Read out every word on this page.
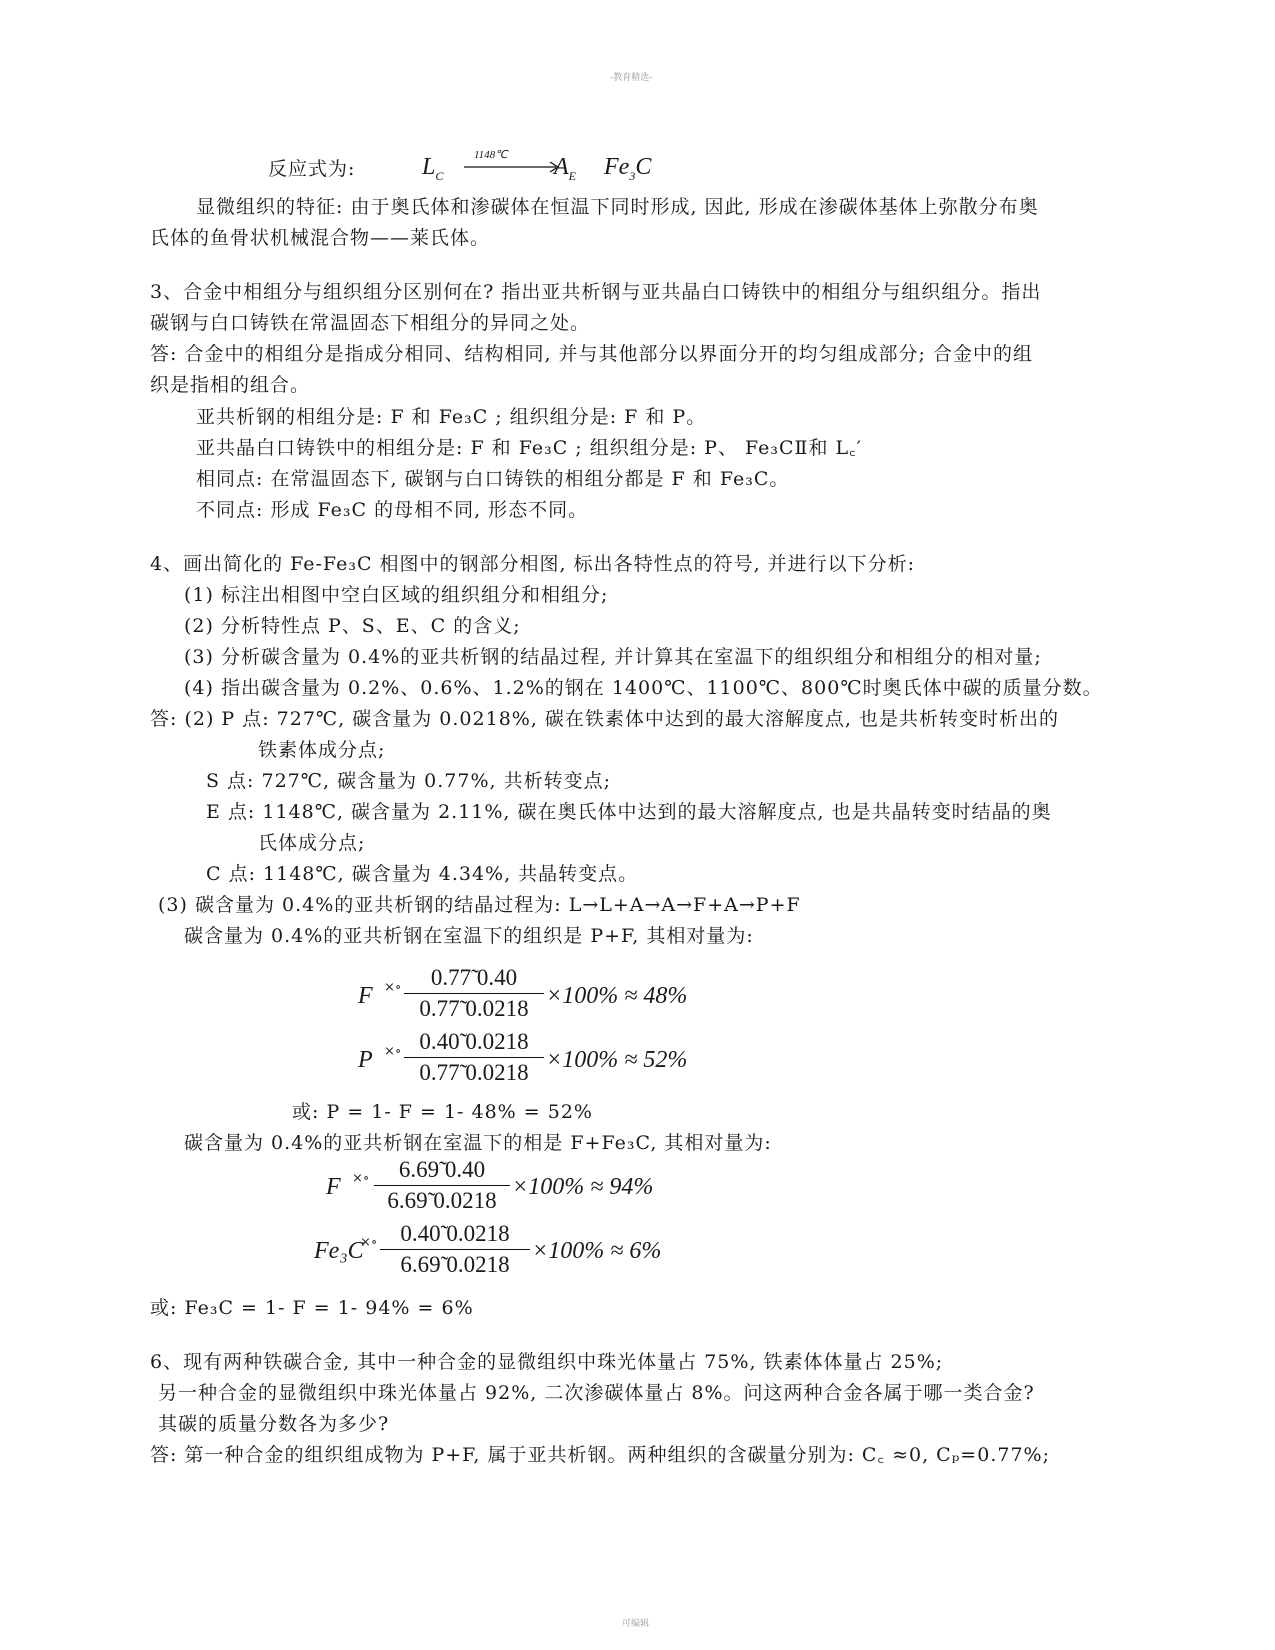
-教育精选-
可编辑
反应式为:	$L_C$
1148℃ $A_E$ $Fe_3C$
显微组织的特征: 由于奥氏体和渗碳体在恒温下同时形成, 因此, 形成在渗碳体基体上弥散分布奥
氏体的鱼骨状机械混合物——莱氏体。
3、合金中相组分与组织组分区别何在? 指出亚共析钢与亚共晶白口铸铁中的相组分与组织组分。指出
碳钢与白口铸铁在常温固态下相组分的异同之处。
答: 合金中的相组分是指成分相同、结构相同, 并与其他部分以界面分开的均匀组成部分; 合金中的组
织是指相的组合。
亚共析钢的相组分是: F 和 Fe₃C ; 组织组分是: F 和 P。
亚共晶白口铸铁中的相组分是: F 和 Fe₃C ; 组织组分是: P、 Fe₃CⅡ和 L꜀′
相同点: 在常温固态下, 碳钢与白口铸铁的相组分都是 F 和 Fe₃C。
不同点: 形成 Fe₃C 的母相不同, 形态不同。
4、画出简化的 Fe-Fe₃C 相图中的钢部分相图, 标出各特性点的符号, 并进行以下分析:
(1) 标注出相图中空白区域的组织组分和相组分;
(2) 分析特性点 P、S、E、C 的含义;
(3) 分析碳含量为 0.4%的亚共析钢的结晶过程, 并计算其在室温下的组织组分和相组分的相对量;
(4) 指出碳含量为 0.2%、0.6%、1.2%的钢在 1400℃、1100℃、800℃时奥氏体中碳的质量分数。
答: (2) P 点: 727℃, 碳含量为 0.0218%, 碳在铁素体中达到的最大溶解度点, 也是共析转变时析出的
铁素体成分点;
S 点: 727℃, 碳含量为 0.77%, 共析转变点;
E 点: 1148℃, 碳含量为 2.11%, 碳在奥氏体中达到的最大溶解度点, 也是共晶转变时结晶的奥
氏体成分点;
C 点: 1148℃, 碳含量为 4.34%, 共晶转变点。
(3) 碳含量为 0.4%的亚共析钢的结晶过程为: L→L+A→A→F+A→P+F
碳含量为 0.4%的亚共析钢在室温下的组织是 P+F, 其相对量为:
F ×∘	0.77̃ 0.40
0.77̃ 0.0218 ×100% ≈ 48%
P ×∘ 0.40̃ 0.0218
0.77̃ 0.0218 ×100% ≈ 52%
或: P = 1- F = 1- 48% = 52%
碳含量为 0.4%的亚共析钢在室温下的相是 F+Fe₃C, 其相对量为:
F ×∘	6.69̃ 0.40
6.69̃ 0.0218
×100% ≈ 94%
Fe₃C
×∘	0.40̃ 0.0218
6.69̃ 0.0218
×100% ≈ 6%
或: Fe₃C = 1- F = 1- 94% = 6%
6、现有两种铁碳合金, 其中一种合金的显微组织中珠光体量占 75%, 铁素体体量占 25%;
另一种合金的显微组织中珠光体量占 92%, 二次渗碳体量占 8%。问这两种合金各属于哪一类合金?
其碳的质量分数各为多少?
答: 第一种合金的组织组成物为 P+F, 属于亚共析钢。两种组织的含碳量分别为: C꜀ ≈0, Cₚ=0.77%;
